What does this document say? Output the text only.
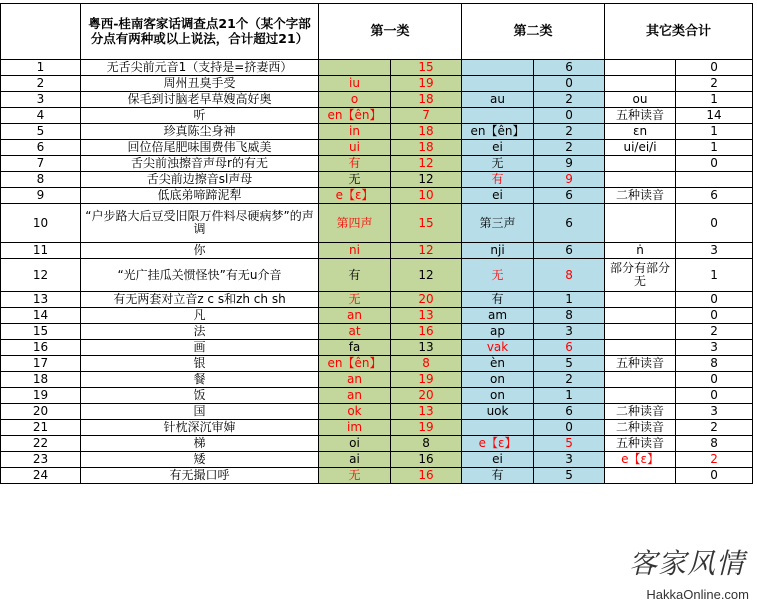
	粤西-桂南客家话调查点21个（某个字部分点有两种或以上说法，合计超过21）	第一类		第二类		其它类合计	
1	无舌尖前元音1（支持是=挤妻西）		15		6		0
2	周州丑臭手受	iu	19		0		2
3	保毛到讨脑老早草嫂高好奥	o	18	au	2	ou	1
4	听	en【ên】	7		0	五种读音	14
5	珍真陈尘身神	in	18	en【ên】	2	ɛn	1
6	回位倍尾肥味围费伟飞威美	ui	18	ei	2	ui/ei/i	1
7	舌尖前浊擦音声母r的有无	有	12	无	9		0
8	舌尖前边擦音sl声母	无	12	有	9		
9	低底弟啼蹄泥犁	e【ɛ】	10	ei	6	二种读音	6
10	“户步路大后豆受旧限万件料尽硬病梦”的声调	第四声	15	第三声	6		0
11	你	ni	12	nji	6	ṅ	3
12	“光广挂瓜关惯怪快”有无u介音	有	12	无	8	部分有部分无	1
13	有无两套对立音z c s和zh ch sh	无	20	有	1		0
14	凡	an	13	am	8		0
15	法	at	16	ap	3		2
16	画	fa	13	vak	6		3
17	银	en【ên】	8	èn	5	五种读音	8
18	餐	an	19	on	2		0
19	饭	an	20	on	1		0
20	国	ok	13	uok	6	二种读音	3
21	针枕深沉审婶	im	19		0	二种读音	2
22	梯	oi	8	e【ɛ】	5	五种读音	8
23	矮	ai	16	ei	3	e【ɛ】	2
24	有无撮口呼	无	16	有	5		0
客家风情
HakkaOnline.com
